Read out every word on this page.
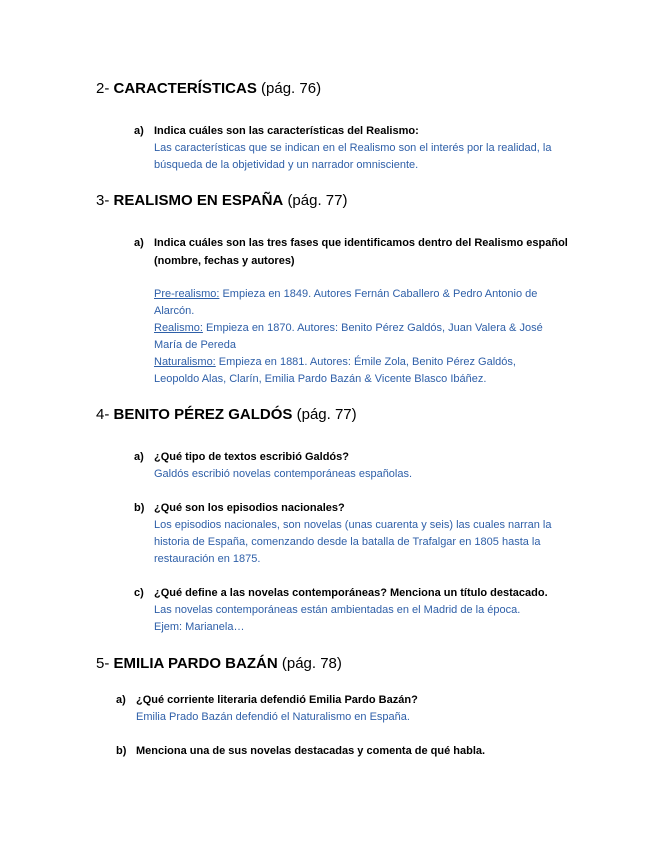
2- CARACTERÍSTICAS (pág. 76)
a) Indica cuáles son las características del Realismo:
Las características que se indican en el Realismo son el interés por la realidad, la
búsqueda de la objetividad y un narrador omnisciente.
3- REALISMO EN ESPAÑA (pág. 77)
a) Indica cuáles son las tres fases que identificamos dentro del Realismo español
(nombre, fechas y autores)
Pre-realismo: Empieza en 1849. Autores Fernán Caballero & Pedro Antonio de
Alarcón.
Realismo: Empieza en 1870. Autores: Benito Pérez Galdós, Juan Valera & José
María de Pereda
Naturalismo: Empieza en 1881. Autores: Émile Zola, Benito Pérez Galdós,
Leopoldo Alas, Clarín, Emilia Pardo Bazán & Vicente Blasco Ibáñez.
4- BENITO PÉREZ GALDÓS (pág. 77)
a) ¿Qué tipo de textos escribió Galdós?
Galdós escribió novelas contemporáneas españolas.
b) ¿Qué son los episodios nacionales?
Los episodios nacionales, son novelas (unas cuarenta y seis) las cuales narran la
historia de España, comenzando desde la batalla de Trafalgar en 1805 hasta la
restauración en 1875.
c) ¿Qué define a las novelas contemporáneas? Menciona un título destacado.
Las novelas contemporáneas están ambientadas en el Madrid de la época.
Ejem: Marianela…
5- EMILIA PARDO BAZÁN (pág. 78)
a) ¿Qué corriente literaria defendió Emilia Pardo Bazán?
Emilia Prado Bazán defendió el Naturalismo en España.
b) Menciona una de sus novelas destacadas y comenta de qué habla.
